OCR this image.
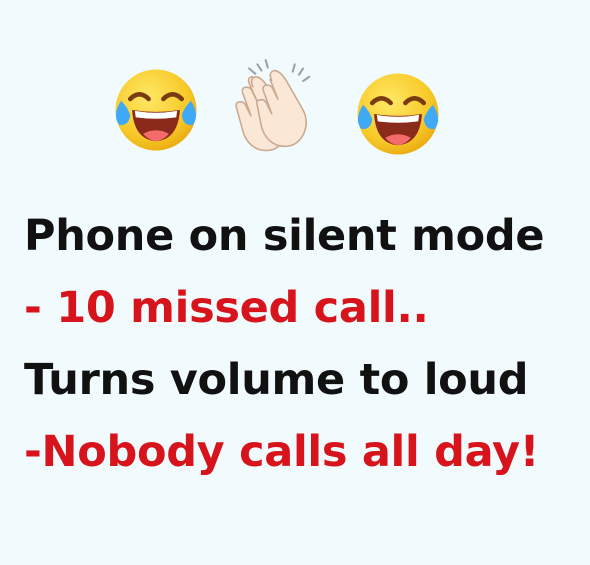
Phone on silent mode
- 10 missed call..
Turns volume to loud
-Nobody calls all day!
